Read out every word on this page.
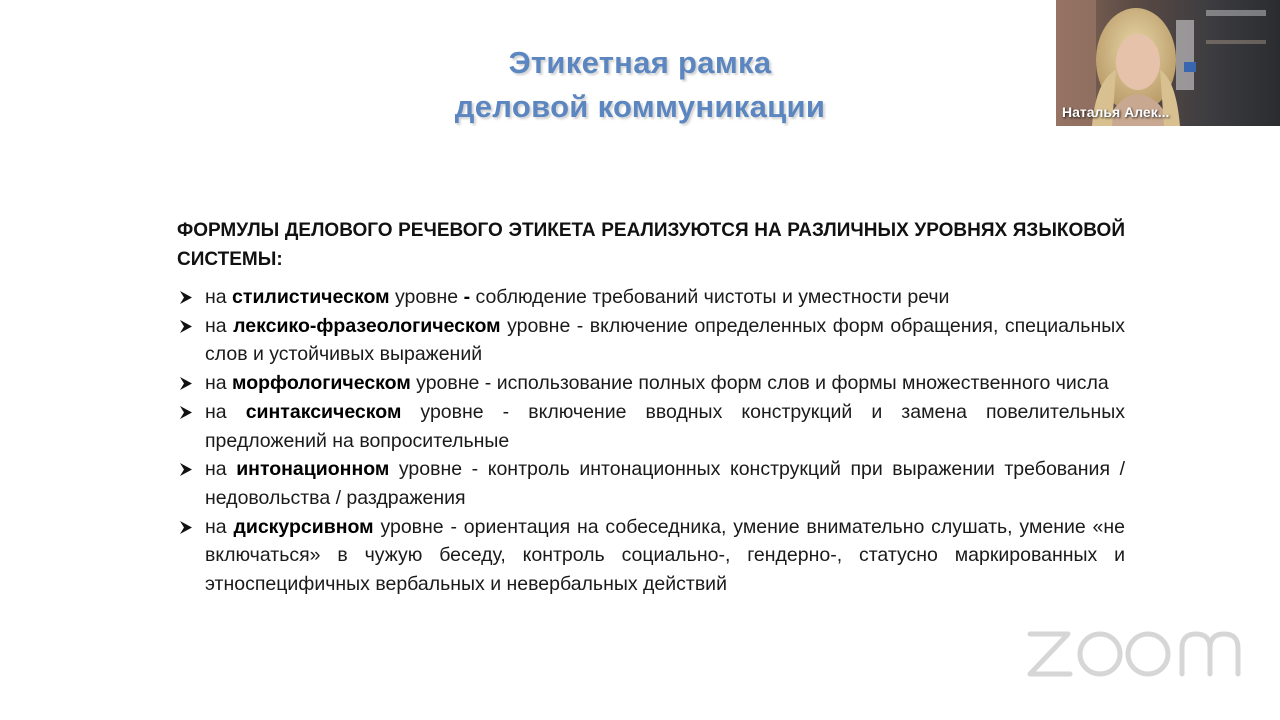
Этикетная рамка
деловой коммуникации
ФОРМУЛЫ ДЕЛОВОГО РЕЧЕВОГО ЭТИКЕТА РЕАЛИЗУЮТСЯ НА РАЗЛИЧНЫХ УРОВНЯХ ЯЗЫКОВОЙ СИСТЕМЫ:
на стилистическом уровне - соблюдение требований чистоты и уместности речи
на лексико-фразеологическом уровне - включение определенных форм обращения, специальных слов и устойчивых выражений
на морфологическом уровне - использование полных форм слов и формы множественного числа
на синтаксическом уровне - включение вводных конструкций и замена повелительных предложений на вопросительные
на интонационном уровне - контроль интонационных конструкций при выражении требования / недовольства / раздражения
на дискурсивном уровне - ориентация на собеседника, умение внимательно слушать, умение «не включаться» в чужую беседу, контроль социально-, гендерно-, статусно маркированных и этноспецифичных вербальных и невербальных действий
Наталья Алек...
